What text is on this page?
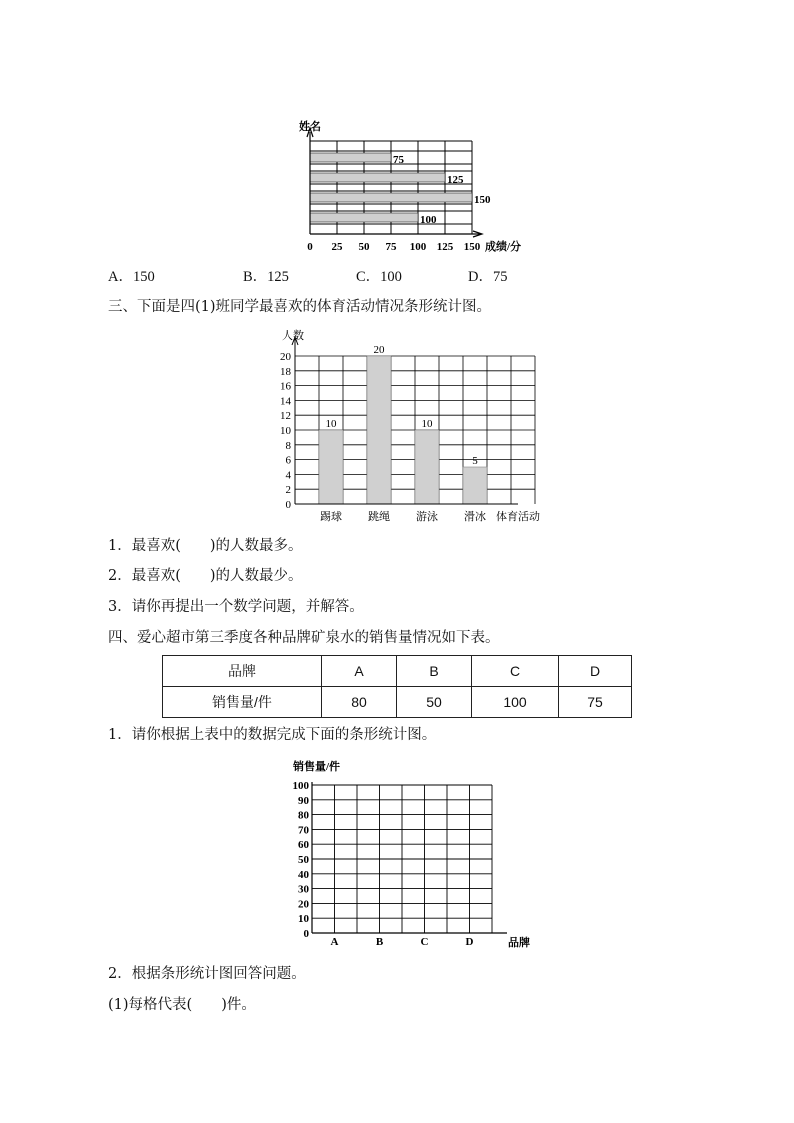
姓名
成绩/分
0 25 50 75 100 125 150
75
125
150
100
A．150	B．125	C．100	D．75
三、下面是四(1)班同学最喜欢的体育活动情况条形统计图。
人数
体育活动
0
2
4
6
8
10
12
14
16
18
20
踢球 跳绳 游泳 滑冰
10
20
10
5
1．最喜欢(　　)的人数最多。
2．最喜欢(　　)的人数最少。
3．请你再提出一个数学问题，并解答。
四、爱心超市第三季度各种品牌矿泉水的销售量情况如下表。
品牌	A	B	C	D
销售量/件	80	50	100	75
1．请你根据上表中的数据完成下面的条形统计图。
销售量/件
品牌
0
10
20
30
40
50
60
70
80
90
100
A	B	C	D
2．根据条形统计图回答问题。
(1)每格代表(　　)件。
